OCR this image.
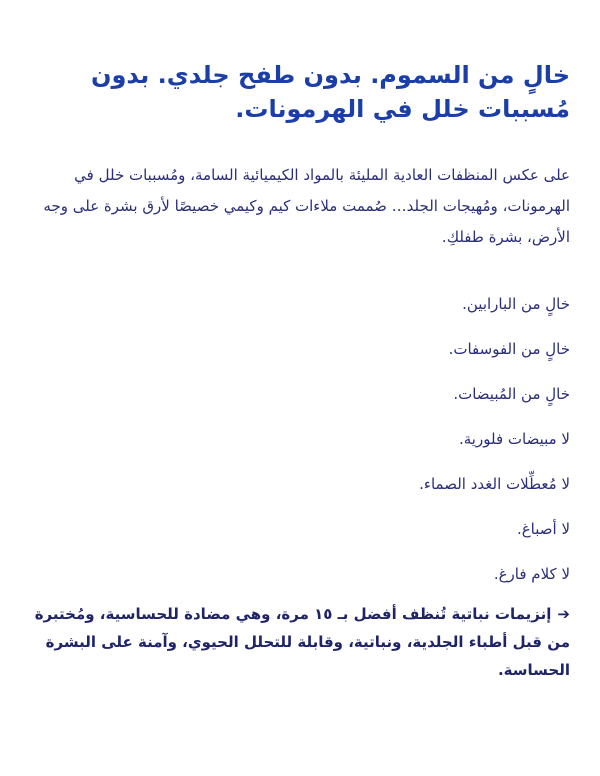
خالٍ من السموم. بدون طفح جلدي. بدون مُسببات خلل في الهرمونات.

على عكس المنظفات العادية المليئة بالمواد الكيميائية السامة، ومُسببات خلل في الهرمونات، ومُهيجات الجلد… صُممت ملاءات كيم وكيمي خصيصًا لأرق بشرة على وجه الأرض، بشرة طفلكِ.

خالٍ من البارابين.
خالٍ من الفوسفات.
خالٍ من المُبيضات.
لا مبيضات فلورية.
لا مُعطِّلات الغدد الصماء.
لا أصباغ.
لا كلام فارغ.

➔إنزيمات نباتية تُنظف أفضل بـ ١٥ مرة، وهي مضادة للحساسية، ومُختبرة من قبل أطباء الجلدية، ونباتية، وقابلة للتحلل الحيوي، وآمنة على البشرة الحساسة.
